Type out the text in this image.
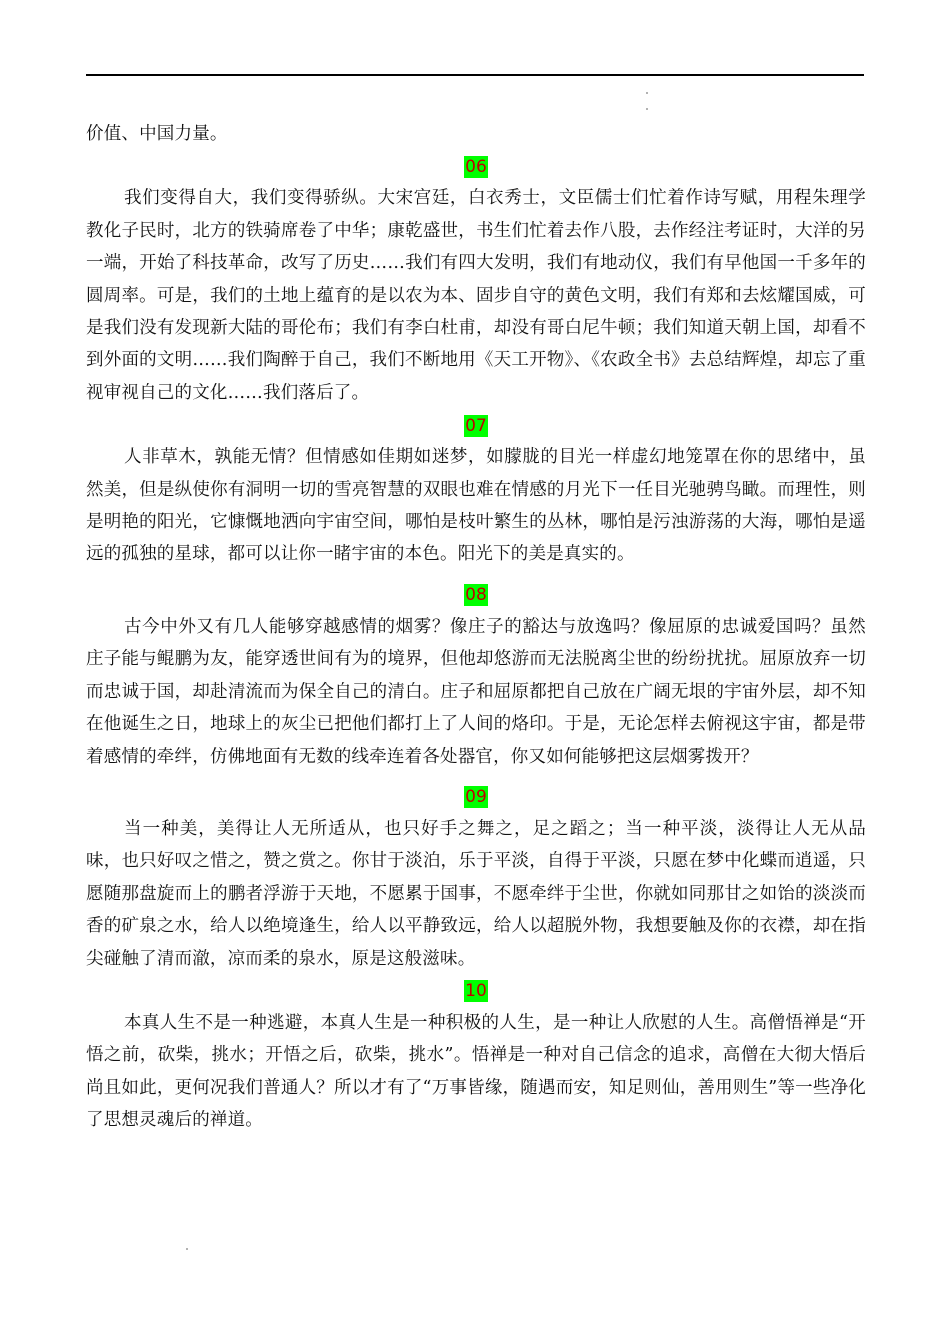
价值、中国力量。

06

我们变得自大，我们变得骄纵。大宋宫廷，白衣秀士，文臣儒士们忙着作诗写赋，用程朱理学教化子民时，北方的铁骑席卷了中华；康乾盛世，书生们忙着去作八股，去作经注考证时，大洋的另一端，开始了科技革命，改写了历史……我们有四大发明，我们有地动仪，我们有早他国一千多年的圆周率。可是，我们的土地上蕴育的是以农为本、固步自守的黄色文明，我们有郑和去炫耀国威，可是我们没有发现新大陆的哥伦布；我们有李白杜甫，却没有哥白尼牛顿；我们知道天朝上国，却看不到外面的文明……我们陶醉于自己，我们不断地用《天工开物》、《农政全书》去总结辉煌，却忘了重视审视自己的文化……我们落后了。

07

人非草木，孰能无情？但情感如佳期如迷梦，如朦胧的目光一样虚幻地笼罩在你的思绪中，虽然美，但是纵使你有洞明一切的雪亮智慧的双眼也难在情感的月光下一任目光驰骋鸟瞰。而理性，则是明艳的阳光，它慷慨地洒向宇宙空间，哪怕是枝叶繁生的丛林，哪怕是污浊游荡的大海，哪怕是遥远的孤独的星球，都可以让你一睹宇宙的本色。阳光下的美是真实的。

08

古今中外又有几人能够穿越感情的烟雾？像庄子的豁达与放逸吗？像屈原的忠诚爱国吗？虽然庄子能与鲲鹏为友，能穿透世间有为的境界，但他却悠游而无法脱离尘世的纷纷扰扰。屈原放弃一切而忠诚于国，却赴清流而为保全自己的清白。庄子和屈原都把自己放在广阔无垠的宇宙外层，却不知在他诞生之日，地球上的灰尘已把他们都打上了人间的烙印。于是，无论怎样去俯视这宇宙，都是带着感情的牵绊，仿佛地面有无数的线牵连着各处器官，你又如何能够把这层烟雾拨开？

09

当一种美，美得让人无所适从，也只好手之舞之，足之蹈之；当一种平淡，淡得让人无从品味，也只好叹之惜之，赞之赏之。你甘于淡泊，乐于平淡，自得于平淡，只愿在梦中化蝶而逍遥，只愿随那盘旋而上的鹏者浮游于天地，不愿累于国事，不愿牵绊于尘世，你就如同那甘之如饴的淡淡而香的矿泉之水，给人以绝境逢生，给人以平静致远，给人以超脱外物，我想要触及你的衣襟，却在指尖碰触了清而澈，凉而柔的泉水，原是这般滋味。

10

本真人生不是一种逃避，本真人生是一种积极的人生，是一种让人欣慰的人生。高僧悟禅是“开悟之前，砍柴，挑水；开悟之后，砍柴，挑水”。悟禅是一种对自己信念的追求，高僧在大彻大悟后尚且如此，更何况我们普通人？所以才有了“万事皆缘，随遇而安，知足则仙，善用则生”等一些净化了思想灵魂后的禅道。
